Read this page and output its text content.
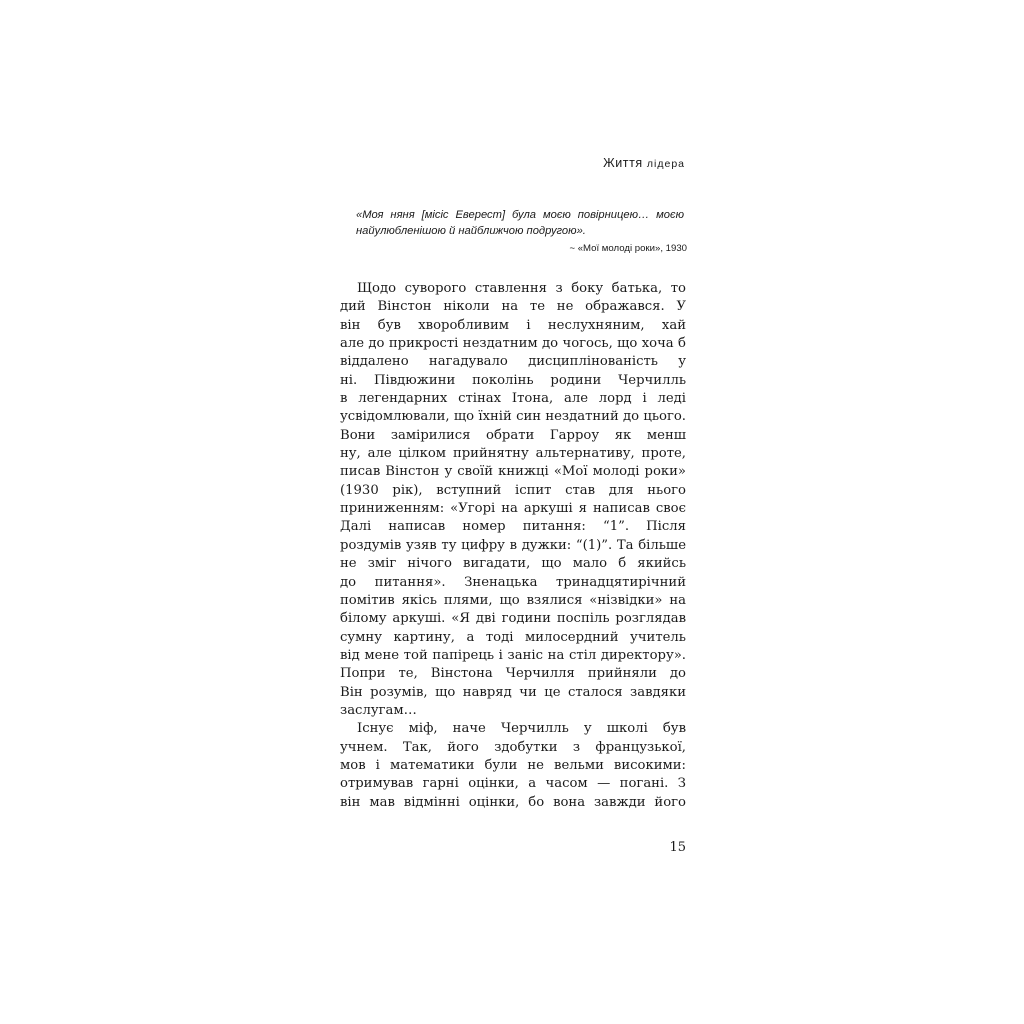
Життя лідера
«Моя няня [місіс Еверест] була моєю повірницею… моєю
найулюбленішою й найближчою подругою».
~ «Мої молоді роки», 1930
Щодо суворого ставлення з боку батька, то
дий Вінстон ніколи на те не ображався. У
він був хворобливим і неслухняним, хай
але до прикрості нездатним до чогось, що хоча б
віддалено нагадувало дисциплінованість у
ні. Півдюжини поколінь родини Черчилль
в легендарних стінах Ітона, але лорд і леді
усвідомлювали, що їхній син нездатний до цього.
Вони замірилися обрати Гарроу як менш
ну, але цілком прийнятну альтернативу, проте,
писав Вінстон у своїй книжці «Мої молоді роки»
(1930 рік), вступний іспит став для нього
приниженням: «Угорі на аркуші я написав своє
Далі написав номер питання: “1”. Після
роздумів узяв ту цифру в дужки: “(1)”. Та більше
не зміг нічого вигадати, що мало б якийсь
до питання». Зненацька тринадцятирічний
помітив якісь плями, що взялися «нізвідки» на
білому аркуші. «Я дві години поспіль розглядав
сумну картину, а тоді милосердний учитель
від мене той папірець і заніс на стіл директору».
Попри те, Вінстона Черчилля прийняли до
Він розумів, що навряд чи це сталося завдяки
заслугам…
Існує міф, наче Черчилль у школі був
учнем. Так, його здобутки з французької,
мов і математики були не вельми високими:
отримував гарні оцінки, а часом — погані. З
він мав відмінні оцінки, бо вона завжди його
15
